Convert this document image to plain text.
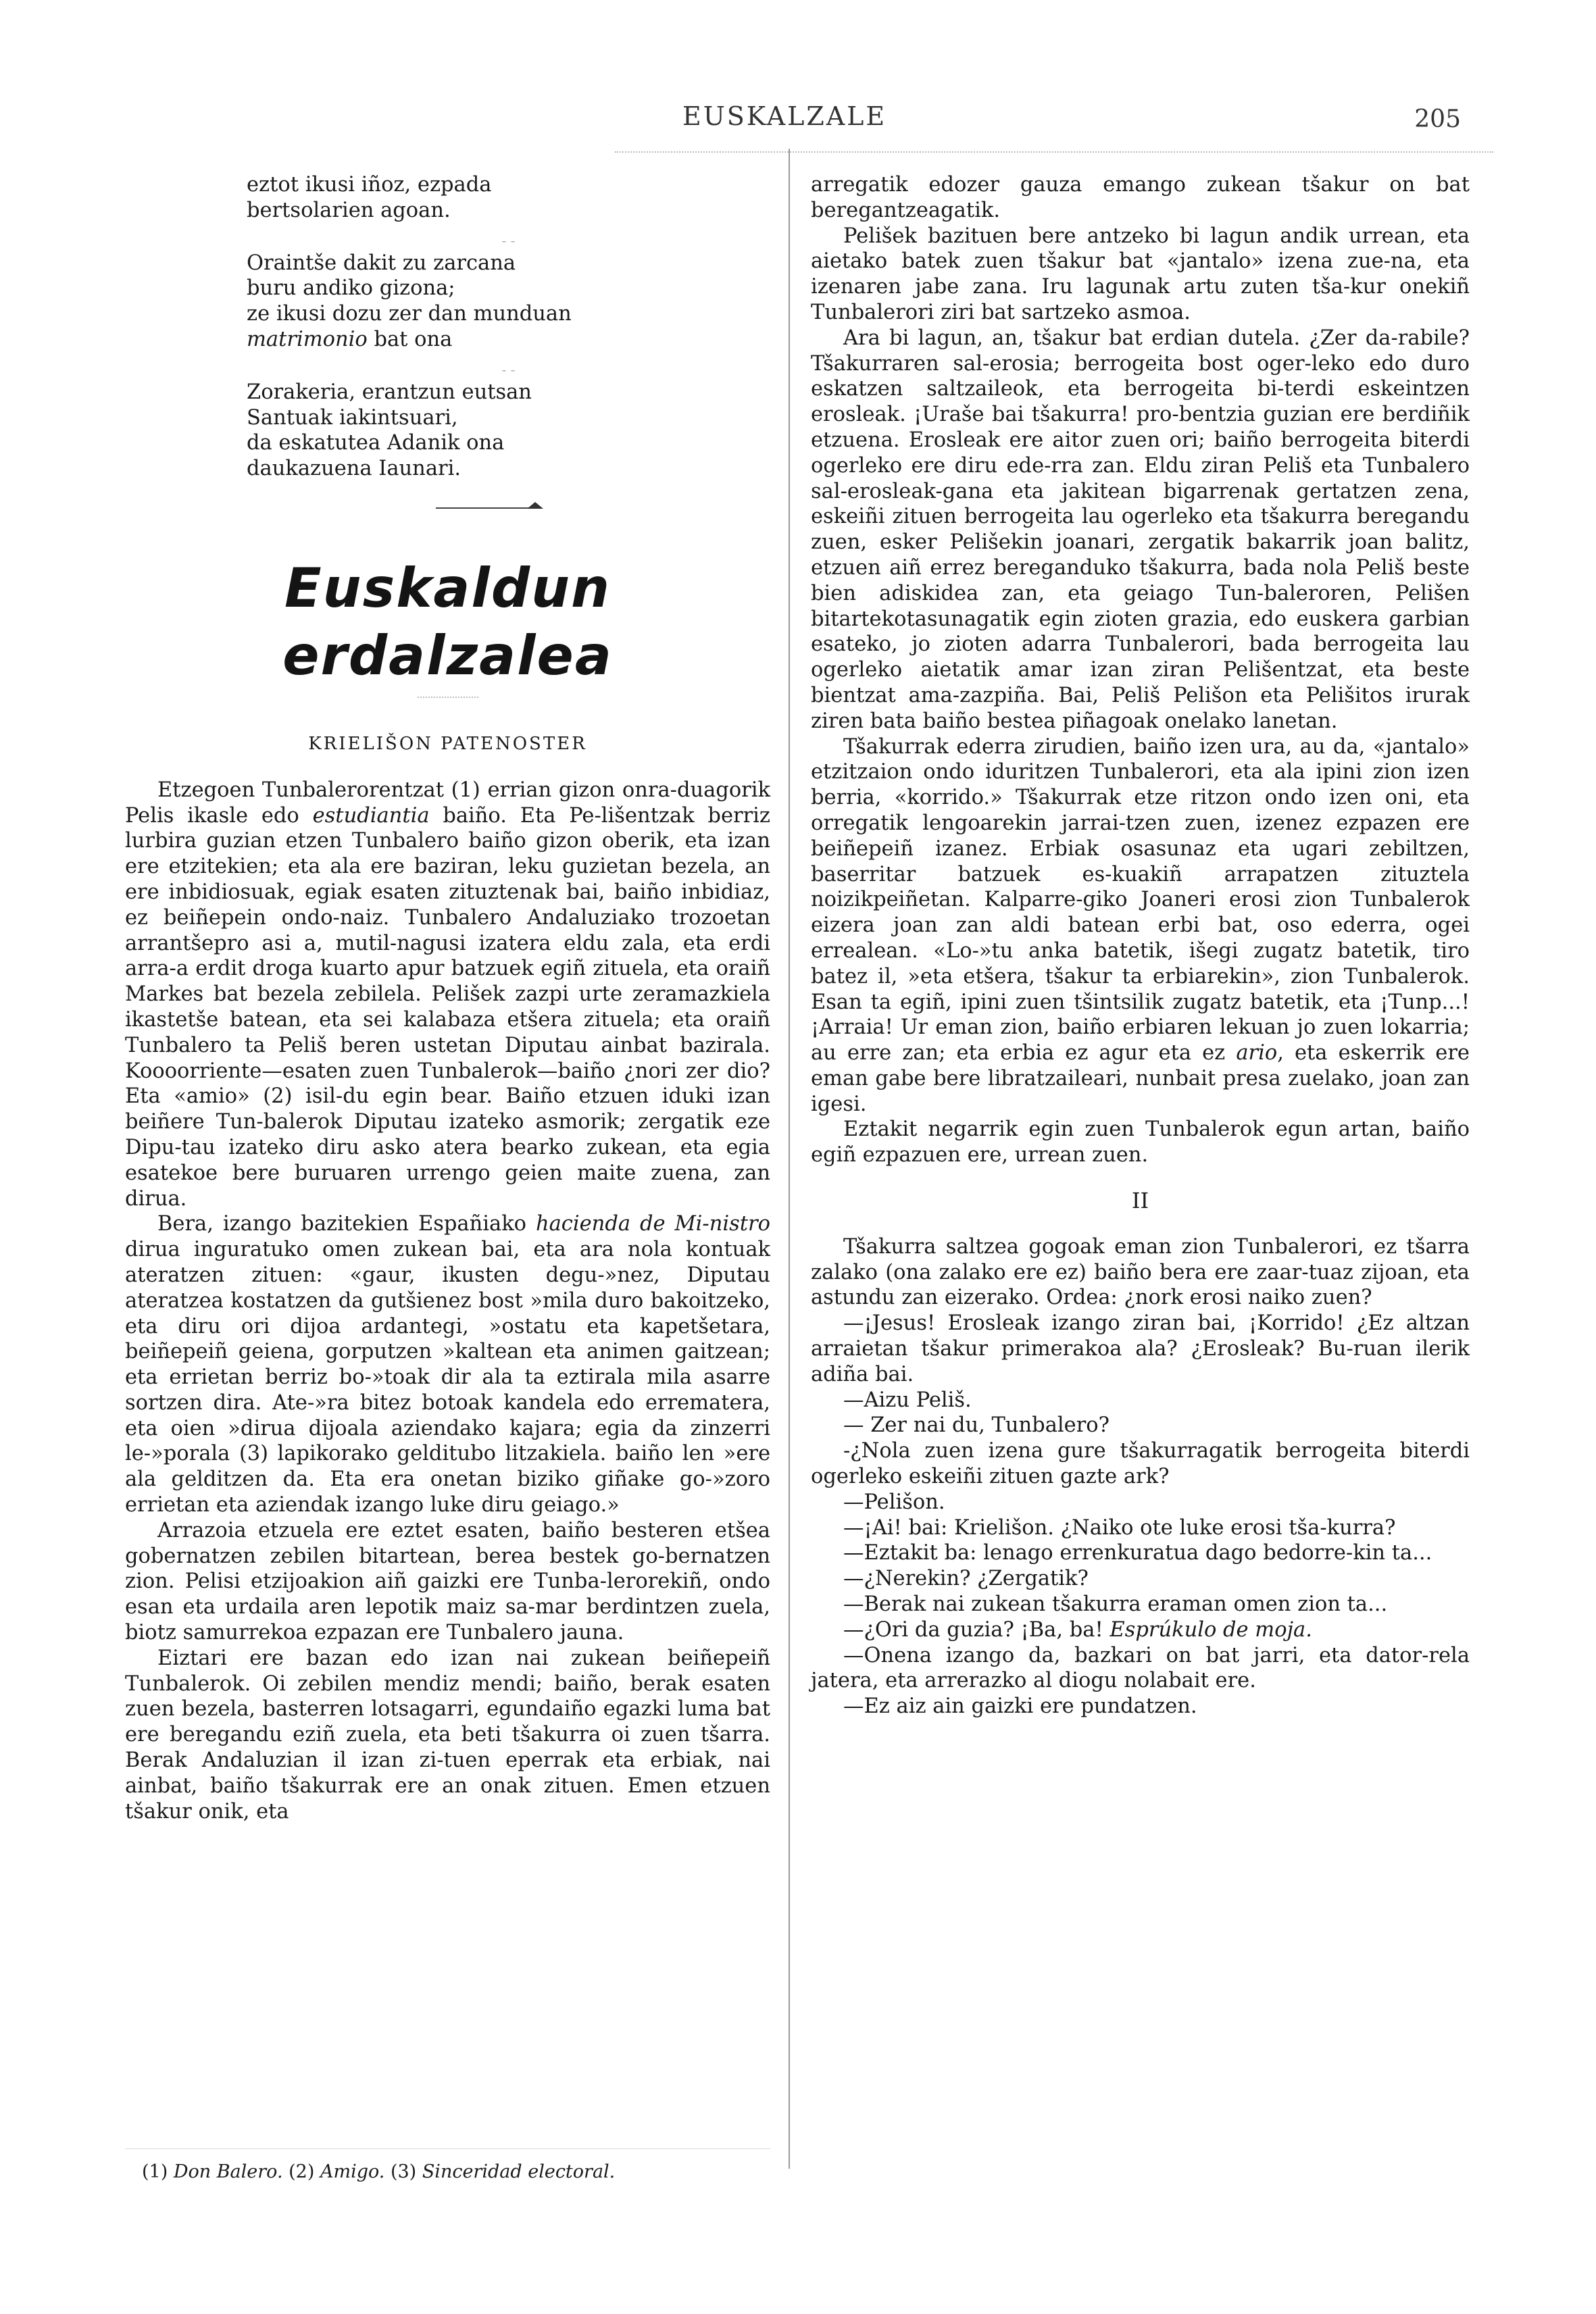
EUSKALZALE	205

eztot ikusi iñoz, ezpada

bertsolarien agoan.

‐ ‐

Oraintše dakit zu zarcana

buru andiko gizona;

ze ikusi dozu zer dan munduan

matrimonio bat ona

‐ ‐

Zorakeria, erantzun eutsan

Santuak iakintsuari,

da eskatutea Adanik ona

daukazuena Iaunari.

Euskaldun erdalzalea
KRIELIŠON PATENOSTER

Etzegoen Tunbalerorentzat (1) errian gizon onra-duagorik Pelis ikasle edo estudiantia baiño. Eta Pe-lišentzak berriz lurbira guzian etzen Tunbalero baiño gizon oberik, eta izan ere etzitekien; eta ala ere baziran, leku guzietan bezela, an ere inbidiosuak, egiak esaten zituztenak bai, baiño inbidiaz, ez beiñepein ondo-naiz. Tunbalero Andaluziako trozoetan arrantšepro asi a, mutil-nagusi izatera eldu zala, eta erdi arra-a erdit droga kuarto apur batzuek egiñ zituela, eta oraiñ Markes bat bezela zebilela. Pelišek zazpi urte zeramazkiela ikastetše batean, eta sei kalabaza etšera zituela; eta oraiñ Tunbalero ta Peliš beren ustetan Diputau ainbat bazirala. Koooorriente—esaten zuen Tunbalerok—baiño ¿nori zer dio? Eta «amio» (2) isil-du egin bear. Baiño etzuen iduki izan beiñere Tun-balerok Diputau izateko asmorik; zergatik eze Dipu-tau izateko diru asko atera bearko zukean, eta egia esatekoe bere buruaren urrengo geien maite zuena, zan dirua.

Bera, izango bazitekien Españiako hacienda de Mi-nistro dirua inguratuko omen zukean bai, eta ara nola kontuak ateratzen zituen: «gaur, ikusten degu-»nez, Diputau ateratzea kostatzen da gutšienez bost »mila duro bakoitzeko, eta diru ori dijoa ardantegi, »ostatu eta kapetšetara, beiñepeiñ geiena, gorputzen »kaltean eta animen gaitzean; eta errietan berriz bo-»toak dir ala ta eztirala mila asarre sortzen dira. Ate-»ra bitez botoak kandela edo errematera, eta oien »dirua dijoala aziendako kajara; egia da zinzerri le-»porala (3) lapikorako gelditubo litzakiela. baiño len »ere ala gelditzen da. Eta era onetan biziko giñake go-»zoro errietan eta aziendak izango luke diru geiago.»

Arrazoia etzuela ere eztet esaten, baiño besteren etšea gobernatzen zebilen bitartean, berea bestek go-bernatzen zion. Pelisi etzijoakion aiñ gaizki ere Tunba-lerorekiñ, ondo esan eta urdaila aren lepotik maiz sa-mar berdintzen zuela, biotz samurrekoa ezpazan ere Tunbalero jauna.

Eiztari ere bazan edo izan nai zukean beiñepeiñ Tunbalerok. Oi zebilen mendiz mendi; baiño, berak esaten zuen bezela, basterren lotsagarri, egundaiño egazki luma bat ere beregandu eziñ zuela, eta beti tšakurra oi zuen tšarra. Berak Andaluzian il izan zi-tuen eperrak eta erbiak, nai ainbat, baiño tšakurrak ere an onak zituen. Emen etzuen tšakur onik, eta

arregatik edozer gauza emango zukean tšakur on bat beregantzeagatik.

Pelišek bazituen bere antzeko bi lagun andik urrean, eta aietako batek zuen tšakur bat «jantalo» izena zue-na, eta izenaren jabe zana. Iru lagunak artu zuten tša-kur onekiñ Tunbalerori ziri bat sartzeko asmoa.

Ara bi lagun, an, tšakur bat erdian dutela. ¿Zer da-rabile? Tšakurraren sal-erosia; berrogeita bost oger-leko edo duro eskatzen saltzaileok, eta berrogeita bi-terdi eskeintzen erosleak. ¡Uraše bai tšakurra! pro-bentzia guzian ere berdiñik etzuena. Erosleak ere aitor zuen ori; baiño berrogeita biterdi ogerleko ere diru ede-rra zan. Eldu ziran Peliš eta Tunbalero sal-erosleak-gana eta jakitean bigarrenak gertatzen zena, eskeiñi zituen berrogeita lau ogerleko eta tšakurra beregandu zuen, esker Pelišekin joanari, zergatik bakarrik joan balitz, etzuen aiñ errez bereganduko tšakurra, bada nola Peliš beste bien adiskidea zan, eta geiago Tun-baleroren, Pelišen bitartekotasunagatik egin zioten grazia, edo euskera garbian esateko, jo zioten adarra Tunbalerori, bada berrogeita lau ogerleko aietatik amar izan ziran Pelišentzat, eta beste bientzat ama-zazpiña. Bai, Peliš Pelišon eta Pelišitos irurak ziren bata baiño bestea piñagoak onelako lanetan.

Tšakurrak ederra zirudien, baiño izen ura, au da, «jantalo» etzitzaion ondo iduritzen Tunbalerori, eta ala ipini zion izen berria, «korrido.» Tšakurrak etze ritzon ondo izen oni, eta orregatik lengoarekin jarrai-tzen zuen, izenez ezpazen ere beiñepeiñ izanez. Erbiak osasunaz eta ugari zebiltzen, baserritar batzuek es-kuakiñ arrapatzen zituztela noizikpeiñetan. Kalparre-giko Joaneri erosi zion Tunbalerok eizera joan zan aldi batean erbi bat, oso ederra, ogei errealean. «Lo-»tu anka batetik, išegi zugatz batetik, tiro batez il, »eta etšera, tšakur ta erbiarekin», zion Tunbalerok. Esan ta egiñ, ipini zuen tšintsilik zugatz batetik, eta ¡Tunp...! ¡Arraia! Ur eman zion, baiño erbiaren lekuan jo zuen lokarria; au erre zan; eta erbia ez agur eta ez ario, eta eskerrik ere eman gabe bere libratzaileari, nunbait presa zuelako, joan zan igesi.

Eztakit negarrik egin zuen Tunbalerok egun artan, baiño egiñ ezpazuen ere, urrean zuen.

II

Tšakurra saltzea gogoak eman zion Tunbalerori, ez tšarra zalako (ona zalako ere ez) baiño bera ere zaar-tuaz zijoan, eta astundu zan eizerako. Ordea: ¿nork erosi naiko zuen?

—¡Jesus! Erosleak izango ziran bai, ¡Korrido! ¿Ez altzan arraietan tšakur primerakoa ala? ¿Erosleak? Bu-ruan ilerik adiña bai.

—Aizu Peliš.

— Zer nai du, Tunbalero?

-¿Nola zuen izena gure tšakurragatik berrogeita biterdi ogerleko eskeiñi zituen gazte ark?

—Pelišon.

—¡Ai! bai: Krielišon. ¿Naiko ote luke erosi tša-kurra?

—Eztakit ba: lenago errenkuratua dago bedorre-kin ta...

—¿Nerekin? ¿Zergatik?

—Berak nai zukean tšakurra eraman omen zion ta...

—¿Ori da guzia? ¡Ba, ba! Esprúkulo de moja.

—Onena izango da, bazkari on bat jarri, eta dator-rela jatera, eta arrerazko al diogu nolabait ere.

—Ez aiz ain gaizki ere pundatzen.

(1) Don Balero. (2) Amigo. (3) Sinceridad electoral.
